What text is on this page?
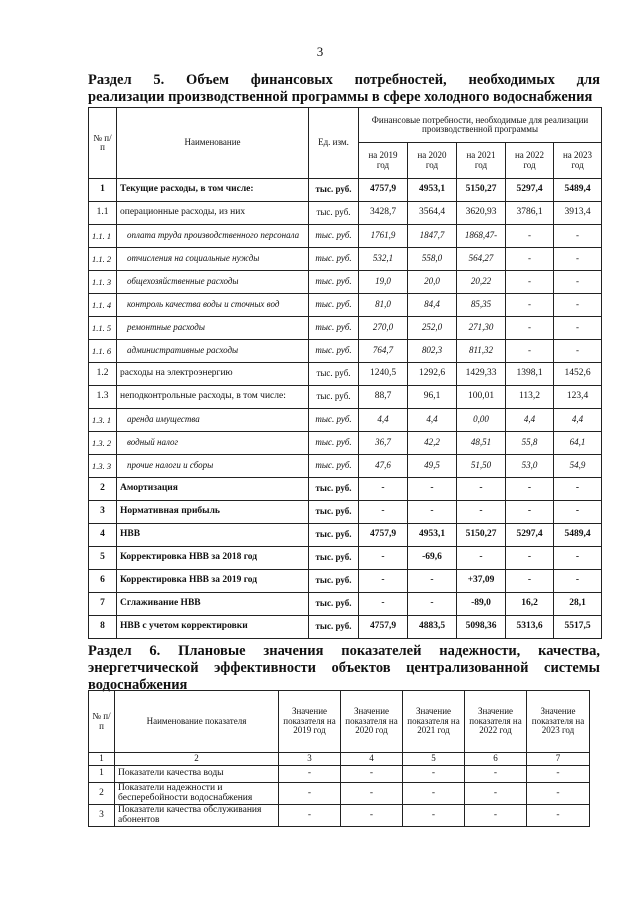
3
Раздел 5. Объем финансовых потребностей, необходимых для
реализации производственной программы в сфере холодного водоснабжения
№ п/п	Наименование	Ед. изм.	Финансовые потребности, необходимые для реализации производственной программы				
			на 2019 год	на 2020 год	на 2021 год	на 2022 год	на 2023 год
1	Текущие расходы, в том числе:	тыс. руб.	4757,9	4953,1	5150,27	5297,4	5489,4
1.1	операционные расходы, из них	тыс. руб.	3428,7	3564,4	3620,93	3786,1	3913,4
1.1. 1	оплата труда производственного персонала	тыс. руб.	1761,9	1847,7	1868,47-	-	-
1.1. 2	отчисления на социальные нужды	тыс. руб.	532,1	558,0	564,27	-	-
1.1. 3	общехозяйственные расходы	тыс. руб.	19,0	20,0	20,22	-	-
1.1. 4	контроль качества воды и сточных вод	тыс. руб.	81,0	84,4	85,35	-	-
1.1. 5	ремонтные расходы	тыс. руб.	270,0	252,0	271,30	-	-
1.1. 6	административные расходы	тыс. руб.	764,7	802,3	811,32	-	-
1.2	расходы на электроэнергию	тыс. руб.	1240,5	1292,6	1429,33	1398,1	1452,6
1.3	неподконтрольные расходы, в том числе:	тыс. руб.	88,7	96,1	100,01	113,2	123,4
1.3. 1	аренда имущества	тыс. руб.	4,4	4,4	0,00	4,4	4,4
1.3. 2	водный налог	тыс. руб.	36,7	42,2	48,51	55,8	64,1
1.3. 3	прочие налоги и сборы	тыс. руб.	47,6	49,5	51,50	53,0	54,9
2	Амортизация	тыс. руб.	-	-	-	-	-
3	Нормативная прибыль	тыс. руб.	-	-	-	-	-
4	НВВ	тыс. руб.	4757,9	4953,1	5150,27	5297,4	5489,4
5	Корректировка НВВ за 2018 год	тыс. руб.	-	-69,6	-	-	-
6	Корректировка НВВ за 2019 год	тыс. руб.	-	-	+37,09	-	-
7	Сглаживание НВВ	тыс. руб.	-	-	-89,0	16,2	28,1
8	НВВ с учетом корректировки	тыс. руб.	4757,9	4883,5	5098,36	5313,6	5517,5
Раздел 6. Плановые значения показателей надежности, качества, энергетчической эффективности объектов централизованной системы
водоснабжения
№ п/п	Наименование показателя	Значение показателя на 2019 год	Значение показателя на 2020 год	Значение показателя на 2021 год	Значение показателя на 2022 год	Значение показателя на 2023 год
1	2	3	4	5	6	7
1	Показатели качества воды	-	-	-	-	-
2	Показатели надежности и бесперебойности водоснабжения	-	-	-	-	-
3	Показатели качества обслуживания абонентов	-	-	-	-	-
